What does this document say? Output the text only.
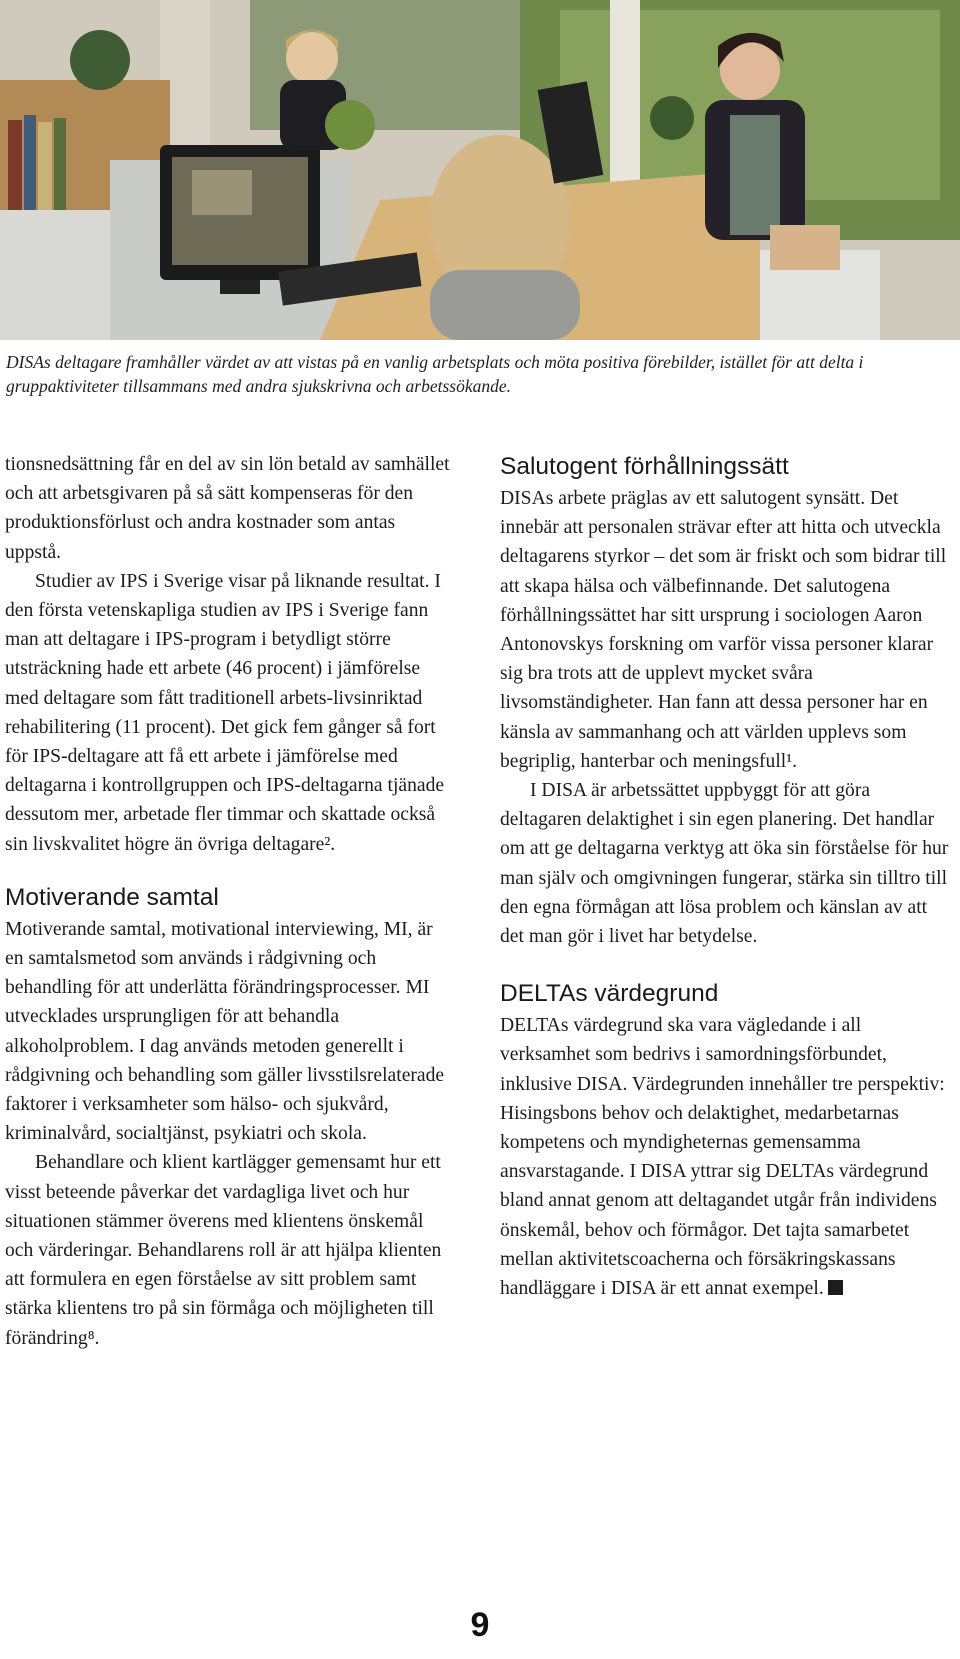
DISAs deltagare framhåller värdet av att vistas på en vanlig arbetsplats och möta positiva förebilder, istället för att delta i gruppaktiviteter tillsammans med andra sjukskrivna och arbetssökande.

tionsnedsättning får en del av sin lön betald av samhället och att arbetsgivaren på så sätt kompenseras för den produktionsförlust och andra kostnader som antas uppstå.

Studier av IPS i Sverige visar på liknande resultat. I den första vetenskapliga studien av IPS i Sverige fann man att deltagare i IPS-program i betydligt större utsträckning hade ett arbete (46 procent) i jämförelse med deltagare som fått traditionell arbets-livsinriktad rehabilitering (11 procent). Det gick fem gånger så fort för IPS-deltagare att få ett arbete i jämförelse med deltagarna i kontrollgruppen och IPS-deltagarna tjänade dessutom mer, arbetade fler timmar och skattade också sin livskvalitet högre än övriga deltagare².

Motiverande samtal

Motiverande samtal, motivational interviewing, MI, är en samtalsmetod som används i rådgivning och behandling för att underlätta förändringsprocesser. MI utvecklades ursprungligen för att behandla alkoholproblem. I dag används metoden generellt i rådgivning och behandling som gäller livsstilsrelaterade faktorer i verksamheter som hälso- och sjukvård, kriminalvård, socialtjänst, psykiatri och skola.

Behandlare och klient kartlägger gemensamt hur ett visst beteende påverkar det vardagliga livet och hur situationen stämmer överens med klientens önskemål och värderingar. Behandlarens roll är att hjälpa klienten att formulera en egen förståelse av sitt problem samt stärka klientens tro på sin förmåga och möjligheten till förändring⁸.

Salutogent förhållningssätt

DISAs arbete präglas av ett salutogent synsätt. Det innebär att personalen strävar efter att hitta och utveckla deltagarens styrkor – det som är friskt och som bidrar till att skapa hälsa och välbefinnande. Det salutogena förhållningssättet har sitt ursprung i sociologen Aaron Antonovskys forskning om varför vissa personer klarar sig bra trots att de upplevt mycket svåra livsomständigheter. Han fann att dessa personer har en känsla av sammanhang och att världen upplevs som begriplig, hanterbar och meningsfull¹.

I DISA är arbetssättet uppbyggt för att göra deltagaren delaktighet i sin egen planering. Det handlar om att ge deltagarna verktyg att öka sin förståelse för hur man själv och omgivningen fungerar, stärka sin tilltro till den egna förmågan att lösa problem och känslan av att det man gör i livet har betydelse.

DELTAs värdegrund

DELTAs värdegrund ska vara vägledande i all verksamhet som bedrivs i samordningsförbundet, inklusive DISA. Värdegrunden innehåller tre perspektiv: Hisingsbons behov och delaktighet, medarbetarnas kompetens och myndigheternas gemensamma ansvarstagande. I DISA yttrar sig DELTAs värdegrund bland annat genom att deltagandet utgår från individens önskemål, behov och förmågor. Det tajta samarbetet mellan aktivitetscoacherna och försäkringskassans handläggare i DISA är ett annat exempel.

9
